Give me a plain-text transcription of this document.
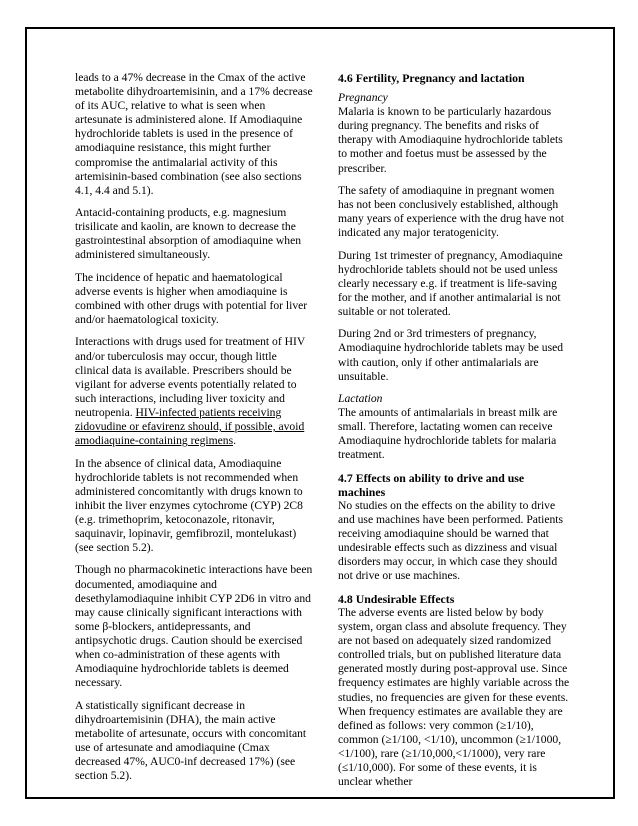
leads to a 47% decrease in the Cmax of the active metabolite dihydroartemisinin, and a 17% decrease of its AUC, relative to what is seen when artesunate is administered alone. If Amodiaquine hydrochloride tablets is used in the presence of amodiaquine resistance, this might further compromise the antimalarial activity of this artemisinin-based combination (see also sections 4.1, 4.4 and 5.1).

Antacid-containing products, e.g. magnesium trisilicate and kaolin, are known to decrease the gastrointestinal absorption of amodiaquine when administered simultaneously.

The incidence of hepatic and haematological adverse events is higher when amodiaquine is combined with other drugs with potential for liver and/or haematological toxicity.

Interactions with drugs used for treatment of HIV and/or tuberculosis may occur, though little clinical data is available. Prescribers should be vigilant for adverse events potentially related to such interactions, including liver toxicity and neutropenia. HIV-infected patients receiving zidovudine or efavirenz should, if possible, avoid amodiaquine-containing regimens.

In the absence of clinical data, Amodiaquine hydrochloride tablets is not recommended when administered concomitantly with drugs known to inhibit the liver enzymes cytochrome (CYP) 2C8 (e.g. trimethoprim, ketoconazole, ritonavir, saquinavir, lopinavir, gemfibrozil, montelukast) (see section 5.2).

Though no pharmacokinetic interactions have been documented, amodiaquine and desethylamodiaquine inhibit CYP 2D6 in vitro and may cause clinically significant interactions with some β-blockers, antidepressants, and antipsychotic drugs. Caution should be exercised when co-administration of these agents with Amodiaquine hydrochloride tablets is deemed necessary.

A statistically significant decrease in dihydroartemisinin (DHA), the main active metabolite of artesunate, occurs with concomitant use of artesunate and amodiaquine (Cmax decreased 47%, AUC0-inf decreased 17%) (see section 5.2).

4.6 Fertility, Pregnancy and lactation

Pregnancy
Malaria is known to be particularly hazardous during pregnancy. The benefits and risks of therapy with Amodiaquine hydrochloride tablets to mother and foetus must be assessed by the prescriber.

The safety of amodiaquine in pregnant women has not been conclusively established, although many years of experience with the drug have not indicated any major teratogenicity.

During 1st trimester of pregnancy, Amodiaquine hydrochloride tablets should not be used unless clearly necessary e.g. if treatment is life-saving for the mother, and if another antimalarial is not suitable or not tolerated.

During 2nd or 3rd trimesters of pregnancy, Amodiaquine hydrochloride tablets may be used with caution, only if other antimalarials are unsuitable.

Lactation
The amounts of antimalarials in breast milk are small. Therefore, lactating women can receive Amodiaquine hydrochloride tablets for malaria treatment.

4.7 Effects on ability to drive and use machines

No studies on the effects on the ability to drive and use machines have been performed. Patients receiving amodiaquine should be warned that undesirable effects such as dizziness and visual disorders may occur, in which case they should not drive or use machines.

4.8 Undesirable Effects

The adverse events are listed below by body system, organ class and absolute frequency. They are not based on adequately sized randomized controlled trials, but on published literature data generated mostly during post-approval use. Since frequency estimates are highly variable across the studies, no frequencies are given for these events. When frequency estimates are available they are defined as follows: very common (≥1/10), common (≥1/100, <1/10), uncommon (≥1/1000,<1/100), rare (≥1/10,000,<1/1000), very rare (≤1/10,000). For some of these events, it is unclear whether
